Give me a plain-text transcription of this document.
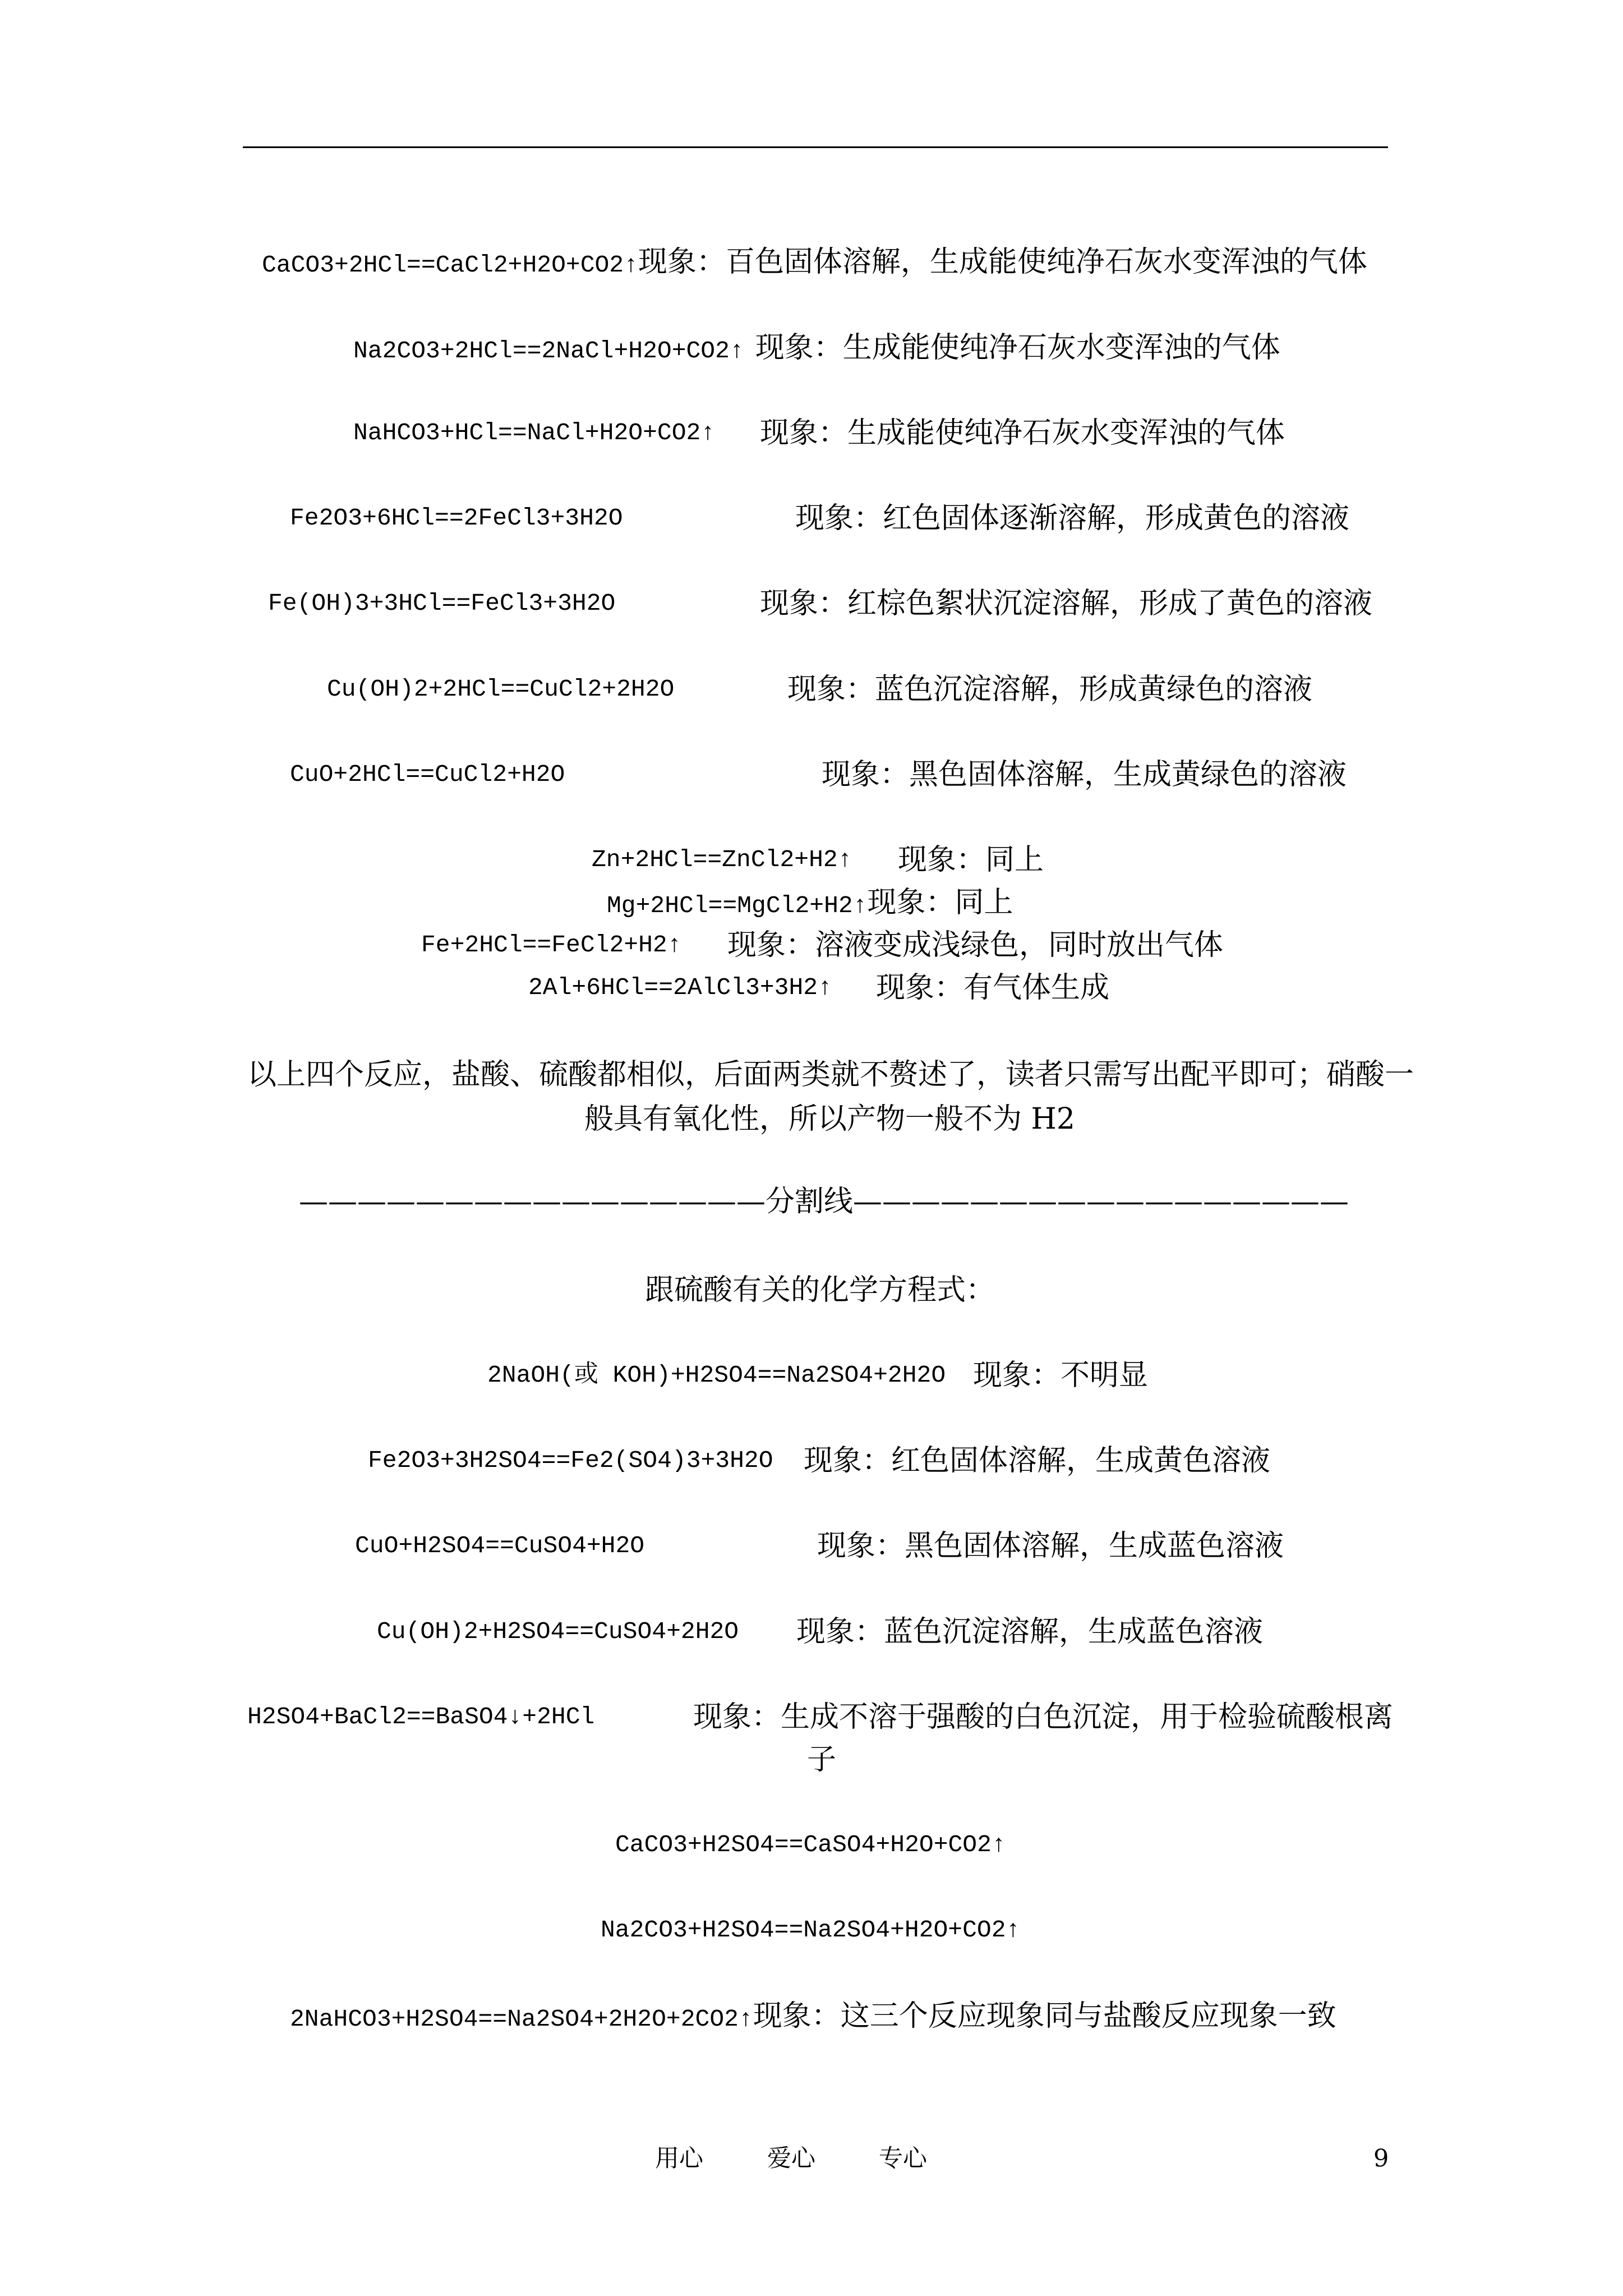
CaCO3+2HCl==CaCl2+H2O+CO2↑现象：百色固体溶解，生成能使纯净石灰水变浑浊的气体
Na2CO3+2HCl==2NaCl+H2O+CO2↑ 现象：生成能使纯净石灰水变浑浊的气体
NaHCO3+HCl==NaCl+H2O+CO2↑ 现象：生成能使纯净石灰水变浑浊的气体
Fe2O3+6HCl==2FeCl3+3H2O	现象：红色固体逐渐溶解，形成黄色的溶液
Fe(OH)3+3HCl==FeCl3+3H2O	现象：红棕色絮状沉淀溶解，形成了黄色的溶液
Cu(OH)2+2HCl==CuCl2+2H2O	现象：蓝色沉淀溶解，形成黄绿色的溶液
CuO+2HCl==CuCl2+H2O	现象：黑色固体溶解，生成黄绿色的溶液
Zn+2HCl==ZnCl2+H2↑ 现象：同上
Mg+2HCl==MgCl2+H2↑现象：同上
Fe+2HCl==FeCl2+H2↑ 现象：溶液变成浅绿色，同时放出气体
2Al+6HCl==2AlCl3+3H2↑ 现象：有气体生成
以上四个反应，盐酸、硫酸都相似，后面两类就不赘述了，读者只需写出配平即可；硝酸一
般具有氧化性，所以产物一般不为 H2
————————————————分割线—————————————————
跟硫酸有关的化学方程式：
2NaOH(或 KOH)+H2SO4==Na2SO4+2H2O 现象：不明显
Fe2O3+3H2SO4==Fe2(SO4)3+3H2O 现象：红色固体溶解，生成黄色溶液
CuO+H2SO4==CuSO4+H2O	现象：黑色固体溶解，生成蓝色溶液
Cu(OH)2+H2SO4==CuSO4+2H2O 现象：蓝色沉淀溶解，生成蓝色溶液
H2SO4+BaCl2==BaSO4↓+2HCl	现象：生成不溶于强酸的白色沉淀，用于检验硫酸根离
子
CaCO3+H2SO4==CaSO4+H2O+CO2↑
Na2CO3+H2SO4==Na2SO4+H2O+CO2↑
2NaHCO3+H2SO4==Na2SO4+2H2O+2CO2↑现象：这三个反应现象同与盐酸反应现象一致
用心	爱心	专心	9
